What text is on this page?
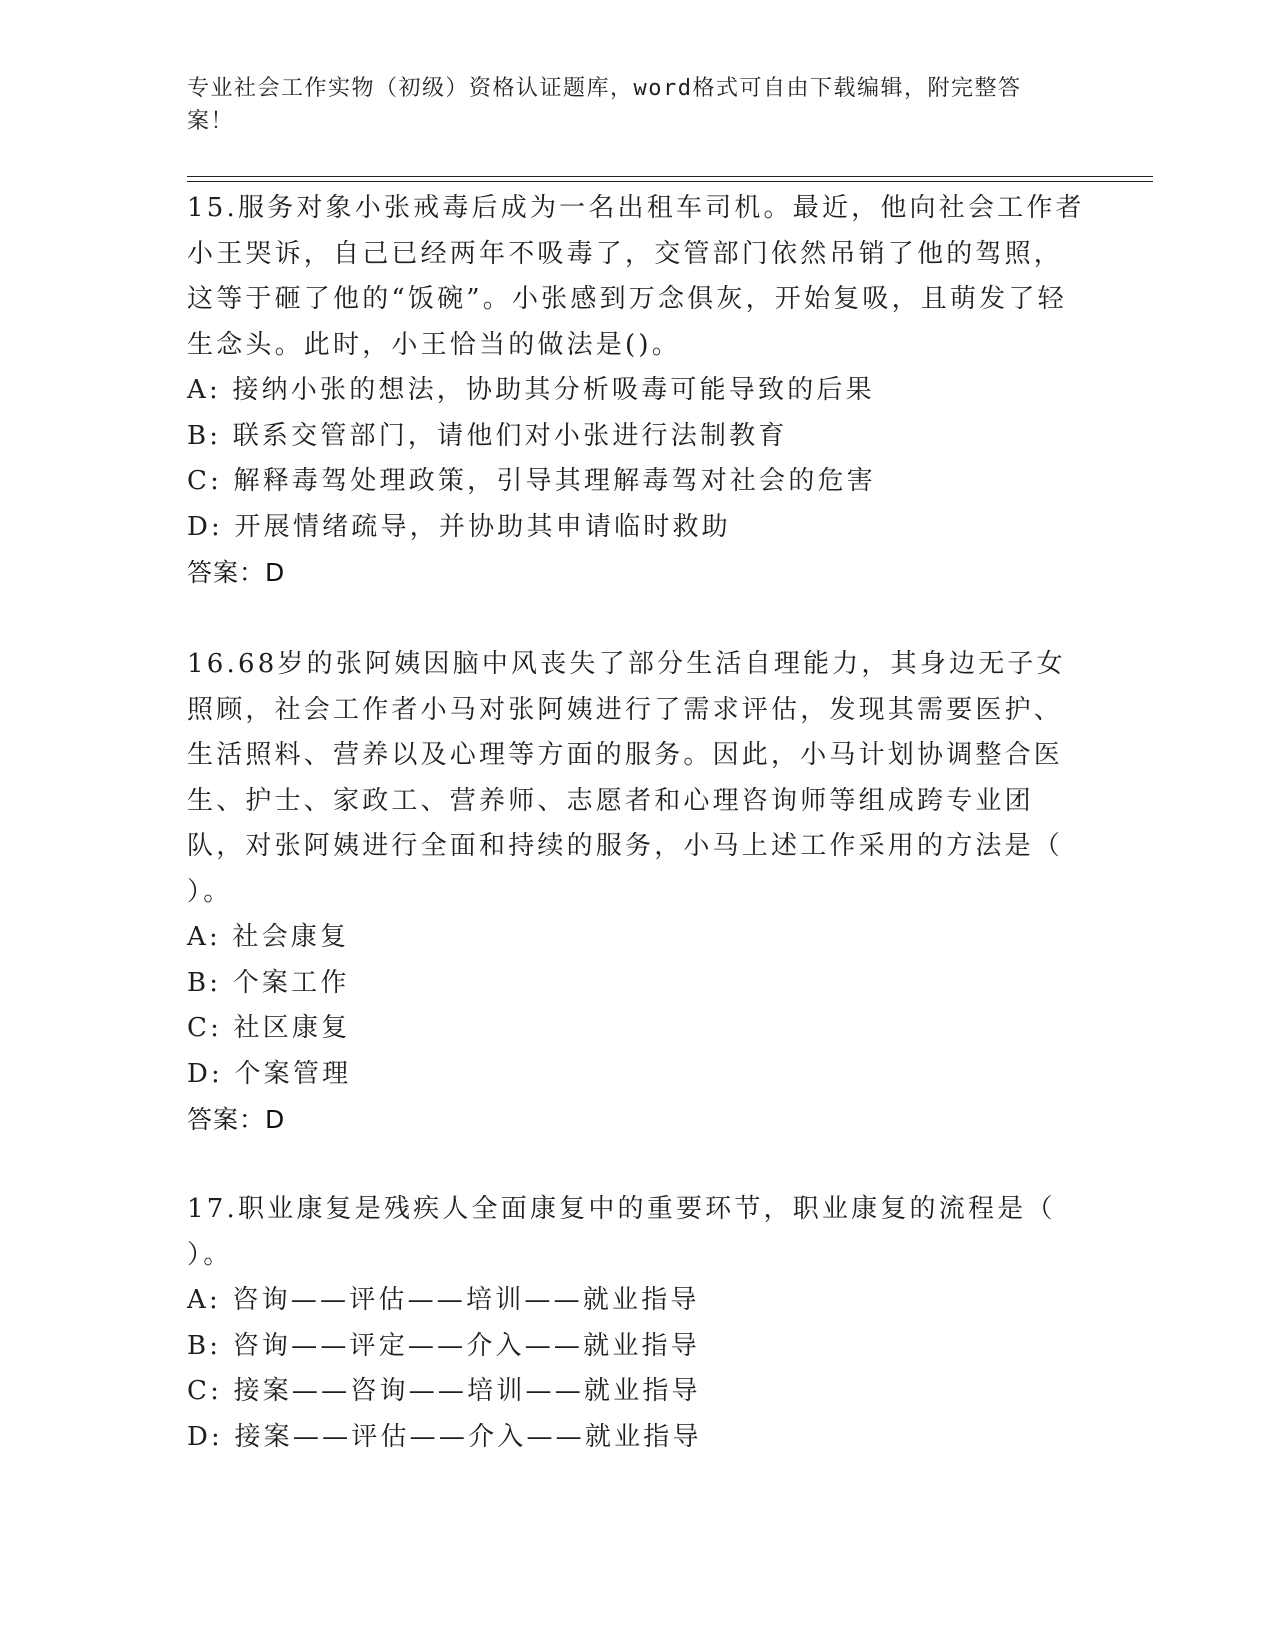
专业社会工作实物（初级）资格认证题库，word格式可自由下载编辑，附完整答案！

15.服务对象小张戒毒后成为一名出租车司机。最近，他向社会工作者小王哭诉，自己已经两年不吸毒了，交管部门依然吊销了他的驾照，这等于砸了他的“饭碗”。小张感到万念俱灰，开始复吸，且萌发了轻生念头。此时，小王恰当的做法是()。

A: 接纳小张的想法，协助其分析吸毒可能导致的后果
B: 联系交管部门，请他们对小张进行法制教育
C: 解释毒驾处理政策，引导其理解毒驾对社会的危害
D: 开展情绪疏导，并协助其申请临时救助
答案：D

16.68岁的张阿姨因脑中风丧失了部分生活自理能力，其身边无子女照顾，社会工作者小马对张阿姨进行了需求评估，发现其需要医护、生活照料、营养以及心理等方面的服务。因此，小马计划协调整合医生、护士、家政工、营养师、志愿者和心理咨询师等组成跨专业团队，对张阿姨进行全面和持续的服务，小马上述工作采用的方法是（ ）。

A: 社会康复
B: 个案工作
C: 社区康复
D: 个案管理
答案：D

17.职业康复是残疾人全面康复中的重要环节，职业康复的流程是（ ）。

A: 咨询——评估——培训——就业指导
B: 咨询——评定——介入——就业指导
C: 接案——咨询——培训——就业指导
D: 接案——评估——介入——就业指导
